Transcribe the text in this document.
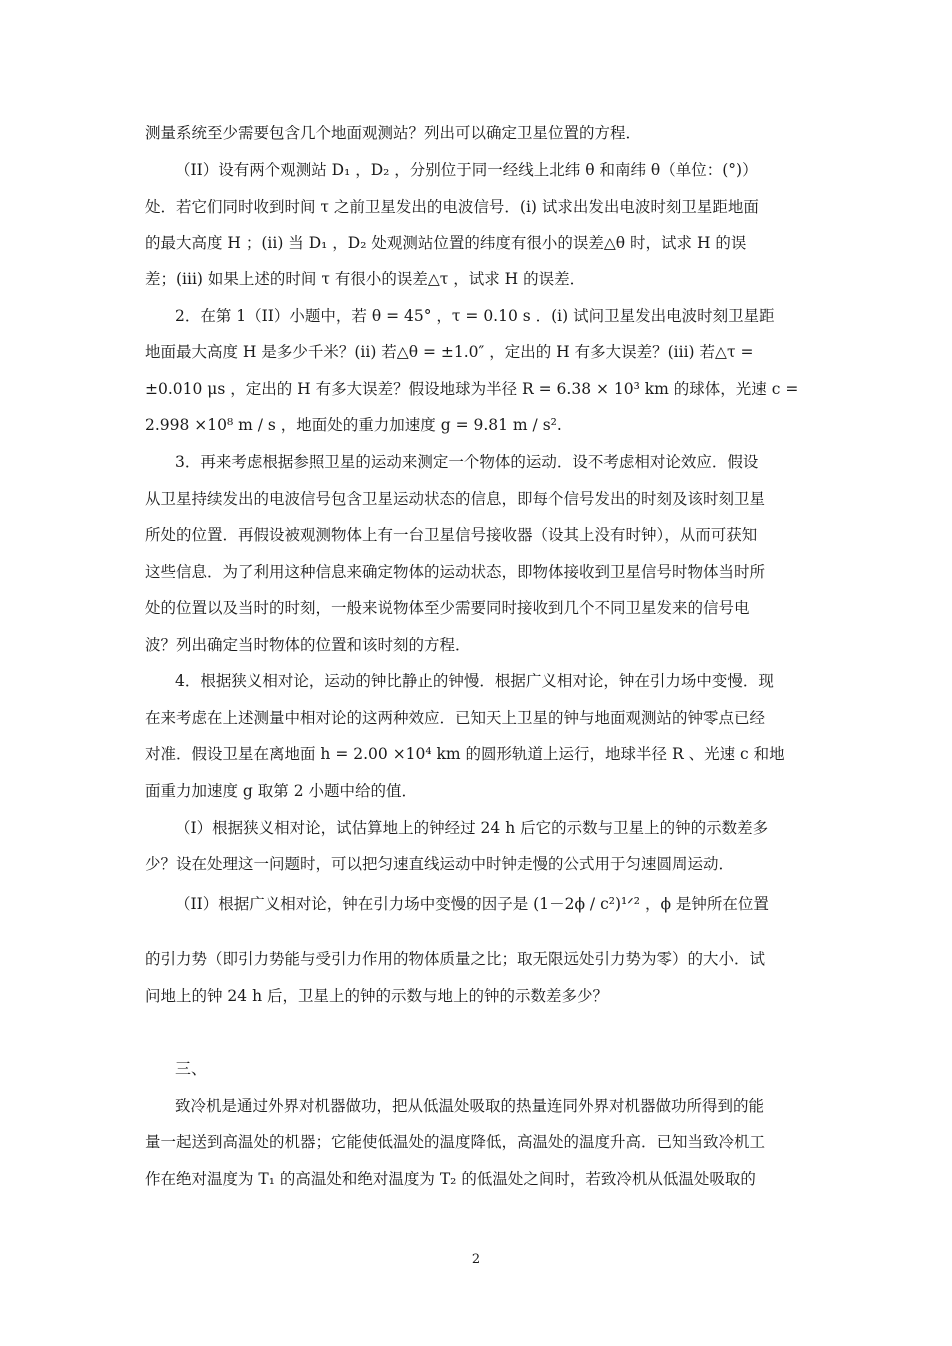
测量系统至少需要包含几个地面观测站？列出可以确定卫星位置的方程．
（II）设有两个观测站 D₁ ，D₂ ，分别位于同一经线上北纬 θ 和南纬 θ（单位：(°)）
处．若它们同时收到时间 τ 之前卫星发出的电波信号．(i) 试求出发出电波时刻卫星距地面
的最大高度 H ；(ii) 当 D₁ ，D₂ 处观测站位置的纬度有很小的误差△θ 时，试求 H 的误
差；(iii) 如果上述的时间 τ 有很小的误差△τ ，试求 H 的误差．
2．在第 1（II）小题中，若 θ = 45° ，τ = 0.10 s ．(i) 试问卫星发出电波时刻卫星距
地面最大高度 H 是多少千米？(ii) 若△θ = ±1.0″ ，定出的 H 有多大误差？(iii) 若△τ =
±0.010 μs ，定出的 H 有多大误差？假设地球为半径 R = 6.38 × 10³ km 的球体，光速 c =
2.998 ×10⁸ m / s ，地面处的重力加速度 g = 9.81 m / s².
3．再来考虑根据参照卫星的运动来测定一个物体的运动．设不考虑相对论效应．假设
从卫星持续发出的电波信号包含卫星运动状态的信息，即每个信号发出的时刻及该时刻卫星
所处的位置．再假设被观测物体上有一台卫星信号接收器（设其上没有时钟），从而可获知
这些信息．为了利用这种信息来确定物体的运动状态，即物体接收到卫星信号时物体当时所
处的位置以及当时的时刻，一般来说物体至少需要同时接收到几个不同卫星发来的信号电
波？列出确定当时物体的位置和该时刻的方程．
4．根据狭义相对论，运动的钟比静止的钟慢．根据广义相对论，钟在引力场中变慢．现
在来考虑在上述测量中相对论的这两种效应．已知天上卫星的钟与地面观测站的钟零点已经
对准．假设卫星在离地面 h = 2.00 ×10⁴ km 的圆形轨道上运行，地球半径 R 、光速 c 和地
面重力加速度 g 取第 2 小题中给的值．
（I）根据狭义相对论，试估算地上的钟经过 24 h 后它的示数与卫星上的钟的示数差多
少？设在处理这一问题时，可以把匀速直线运动中时钟走慢的公式用于匀速圆周运动．
（II）根据广义相对论，钟在引力场中变慢的因子是 (1－2ϕ / c²)¹ᐟ² ，ϕ 是钟所在位置
的引力势（即引力势能与受引力作用的物体质量之比；取无限远处引力势为零）的大小．试
问地上的钟 24 h 后，卫星上的钟的示数与地上的钟的示数差多少？
三、
致冷机是通过外界对机器做功，把从低温处吸取的热量连同外界对机器做功所得到的能
量一起送到高温处的机器；它能使低温处的温度降低，高温处的温度升高．已知当致冷机工
作在绝对温度为 T₁ 的高温处和绝对温度为 T₂ 的低温处之间时，若致冷机从低温处吸取的
2
